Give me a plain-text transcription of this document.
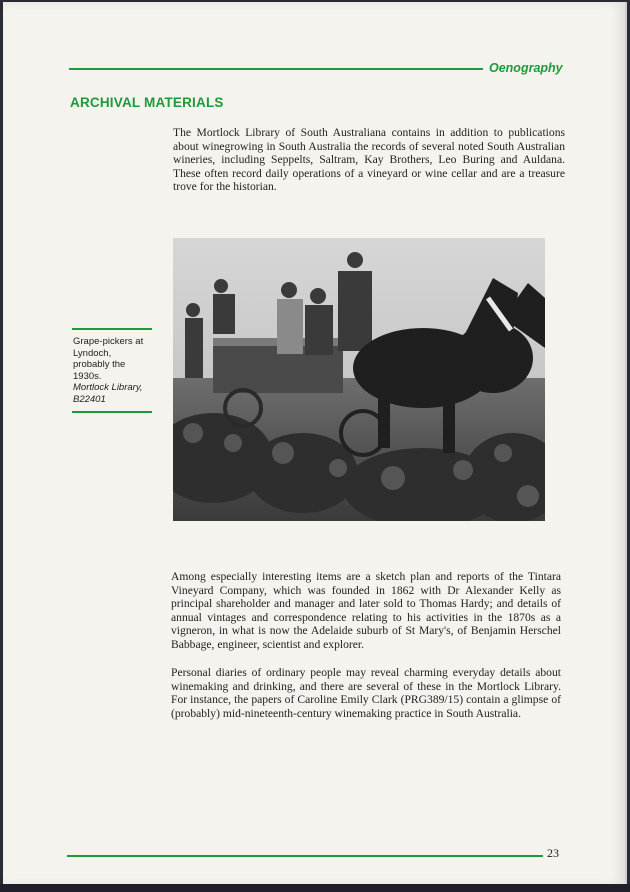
Oenography
ARCHIVAL MATERIALS

The Mortlock Library of South Australiana contains in addition to publications about winegrowing in South Australia the records of several noted South Australian wineries, including Seppelts, Saltram, Kay Brothers, Leo Buring and Auldana. These often record daily operations of a vineyard or wine cellar and are a treasure trove for the historian.

Grape-pickers at
Lyndoch,
probably the
1930s.
Mortlock Library,
B22401

Among especially interesting items are a sketch plan and reports of the Tintara Vineyard Company, which was founded in 1862 with Dr Alexander Kelly as principal shareholder and manager and later sold to Thomas Hardy; and details of annual vintages and correspondence relating to his activities in the 1870s as a vigneron, in what is now the Adelaide suburb of St Mary's, of Benjamin Herschel Babbage, engineer, scientist and explorer.

Personal diaries of ordinary people may reveal charming everyday details about winemaking and drinking, and there are several of these in the Mortlock Library. For instance, the papers of Caroline Emily Clark (PRG389/15) contain a glimpse of (probably) mid-nineteenth-century winemaking practice in South Australia.

23
